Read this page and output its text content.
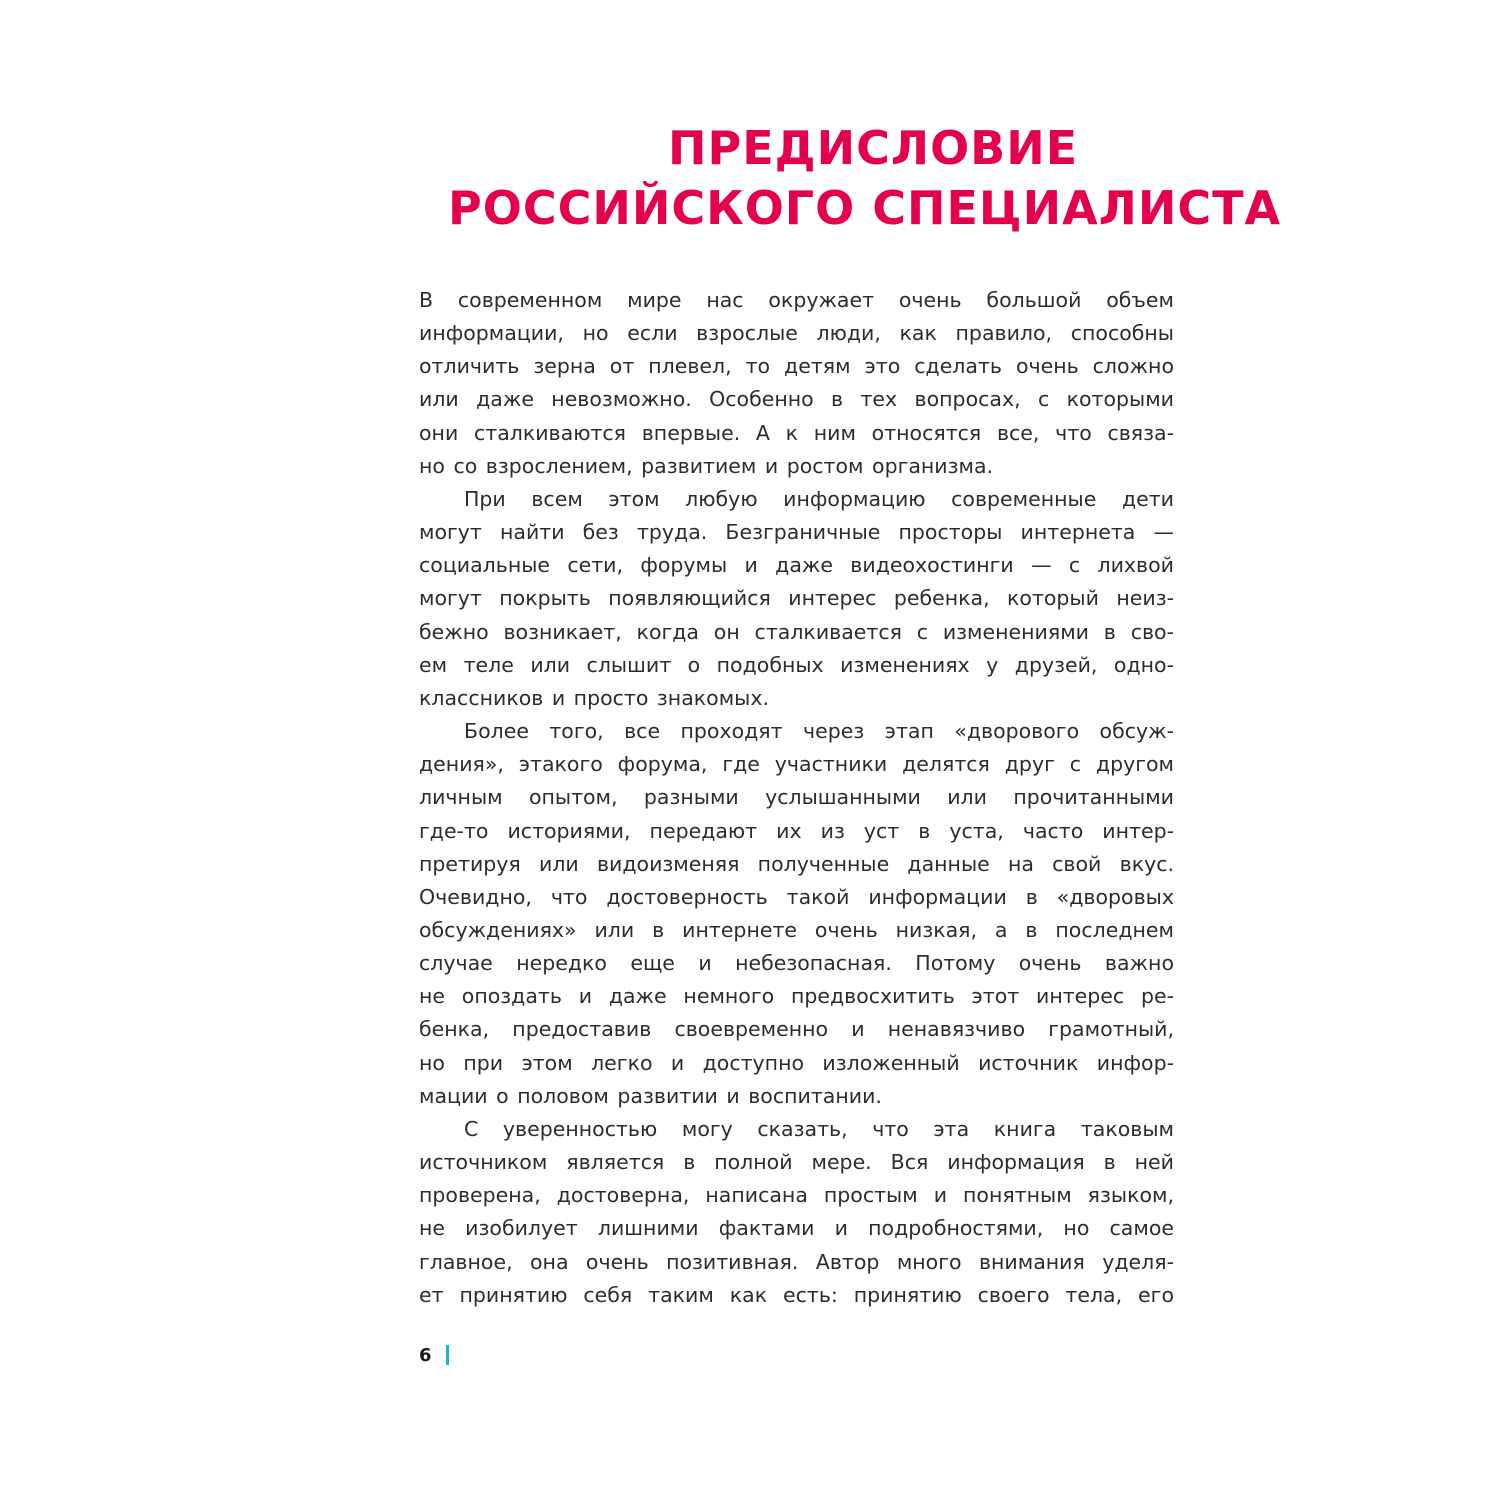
ПРЕДИСЛОВИЕ
РОССИЙСКОГО СПЕЦИАЛИСТА
В современном мире нас окружает очень большой объем
информации, но если взрослые люди, как правило, способны
отличить зерна от плевел, то детям это сделать очень сложно
или даже невозможно. Особенно в тех вопросах, с которыми
они сталкиваются впервые. А к ним относятся все, что связа-
но со взрослением, развитием и ростом организма.
При всем этом любую информацию современные дети
могут найти без труда. Безграничные просторы интернета —
социальные сети, форумы и даже видеохостинги — с лихвой
могут покрыть появляющийся интерес ребенка, который неиз-
бежно возникает, когда он сталкивается с изменениями в сво-
ем теле или слышит о подобных изменениях у друзей, одно-
классников и просто знакомых.
Более того, все проходят через этап «дворового обсуж-
дения», этакого форума, где участники делятся друг с другом
личным опытом, разными услышанными или прочитанными
где-то историями, передают их из уст в уста, часто интер-
претируя или видоизменяя полученные данные на свой вкус.
Очевидно, что достоверность такой информации в «дворовых
обсуждениях» или в интернете очень низкая, а в последнем
случае нередко еще и небезопасная. Потому очень важно
не опоздать и даже немного предвосхитить этот интерес ре-
бенка, предоставив своевременно и ненавязчиво грамотный,
но при этом легко и доступно изложенный источник инфор-
мации о половом развитии и воспитании.
С уверенностью могу сказать, что эта книга таковым
источником является в полной мере. Вся информация в ней
проверена, достоверна, написана простым и понятным языком,
не изобилует лишними фактами и подробностями, но самое
главное, она очень позитивная. Автор много внимания уделя-
ет принятию себя таким как есть: принятию своего тела, его
6
